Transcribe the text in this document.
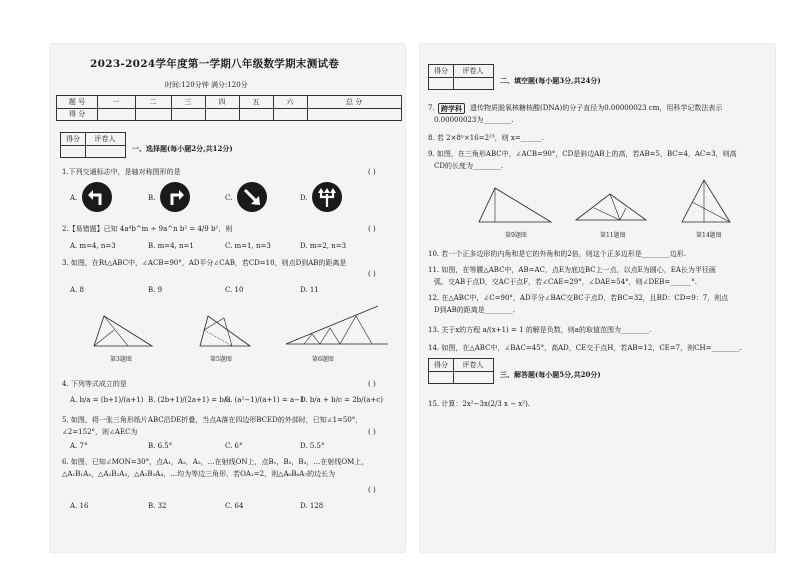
2023-2024学年度第一学期八年级数学期末测试卷
时间:120分钟 满分:120分
题 号	一	二	三	四	五	六	总 分
得 分
得分	评卷人
一、选择题(每小题2分,共12分)
1.下列交通标志中，是轴对称图形的是	( )
A.	B.	C.	D.
2.【易错题】已知 4a⁴b^m ÷ 9a^n b² = 4/9 b²，则	( )
A. m=4, n=3	B. m=4, n=1	C. m=1, n=3	D. m=2, n=3
3. 如图，在Rt△ABC中，∠ACB=90°，AD平分∠CAB，若CD=10，则点D到AB的距离是
( )
A. 8	B. 9	C. 10	D. 11
第3题图	第5题图	第6题图
4. 下列等式成立的是	( )
A. b/a = (b+1)/(a+1) B. (2b+1)/(2a+1) = b/a
C. (a²−1)/(a+1) = a−1
D. b/a + b/c = 2b/(a+c)
5. 如图，将一张三角形纸片ABC沿DE折叠，当点A落在四边形BCED的外部时，已知∠1=50°，
∠2=152°，则∠AEC为	( )
A. 7°	B. 6.5°	C. 6°	D. 5.5°
6. 如图，已知∠MON=30°，点A₁，A₂，A₃，…在射线ON上，点B₁，B₂，B₃，…在射线OM上，
△A₁B₁A₂，△A₂B₂A₃，△A₃B₃A₄，…均为等边三角形，若OA₁=2，则△A₆B₆A₇的边长为
( )
A. 16	B. 32	C. 64	D. 128
得分	评卷人
二、填空题(每小题3分,共24分)
7. 跨学科	遗传物质脱氧核糖核酸(DNA)的分子直径为0.00000023 cm，用科学记数法表示
0.00000023为________.
8. 若 2×8ⁿ×16=2²³，则 x=______.
9. 如图，在三角形ABC中，∠ACB=90°，CD是斜边AB上的高，若AB=5，BC=4，AC=3，则高
CD的长度为________.
第9题图	第11题图	第14题图
10. 若一个正多边形的内角和是它的外角和的2倍，则这个正多边形是________边形.
11. 如图，在等腰△ABC中，AB=AC，点E为底边BC上一点，以点E为圆心，EA长为半径画
弧，交AB于点D，交AC于点F，若∠CAE=29°，∠DAE=54°，则∠DEB=______°.
12. 在△ABC中，∠C=90°，AD平分∠BAC交BC于点D，若BC=32，且BD：CD=9：7，则点
D到AB的距离是________.
13. 关于x的方程 a/(x+1) = 1 的解是负数，则a的取值范围为________.
14. 如图，在△ABC中，∠BAC=45°，高AD，CE交于点H，若AB=12，CE=7，则CH=________.
得分	评卷人
三、解答题(每小题5分,共20分)
15. 计算：2x²−3x(2/3 x − x²).
